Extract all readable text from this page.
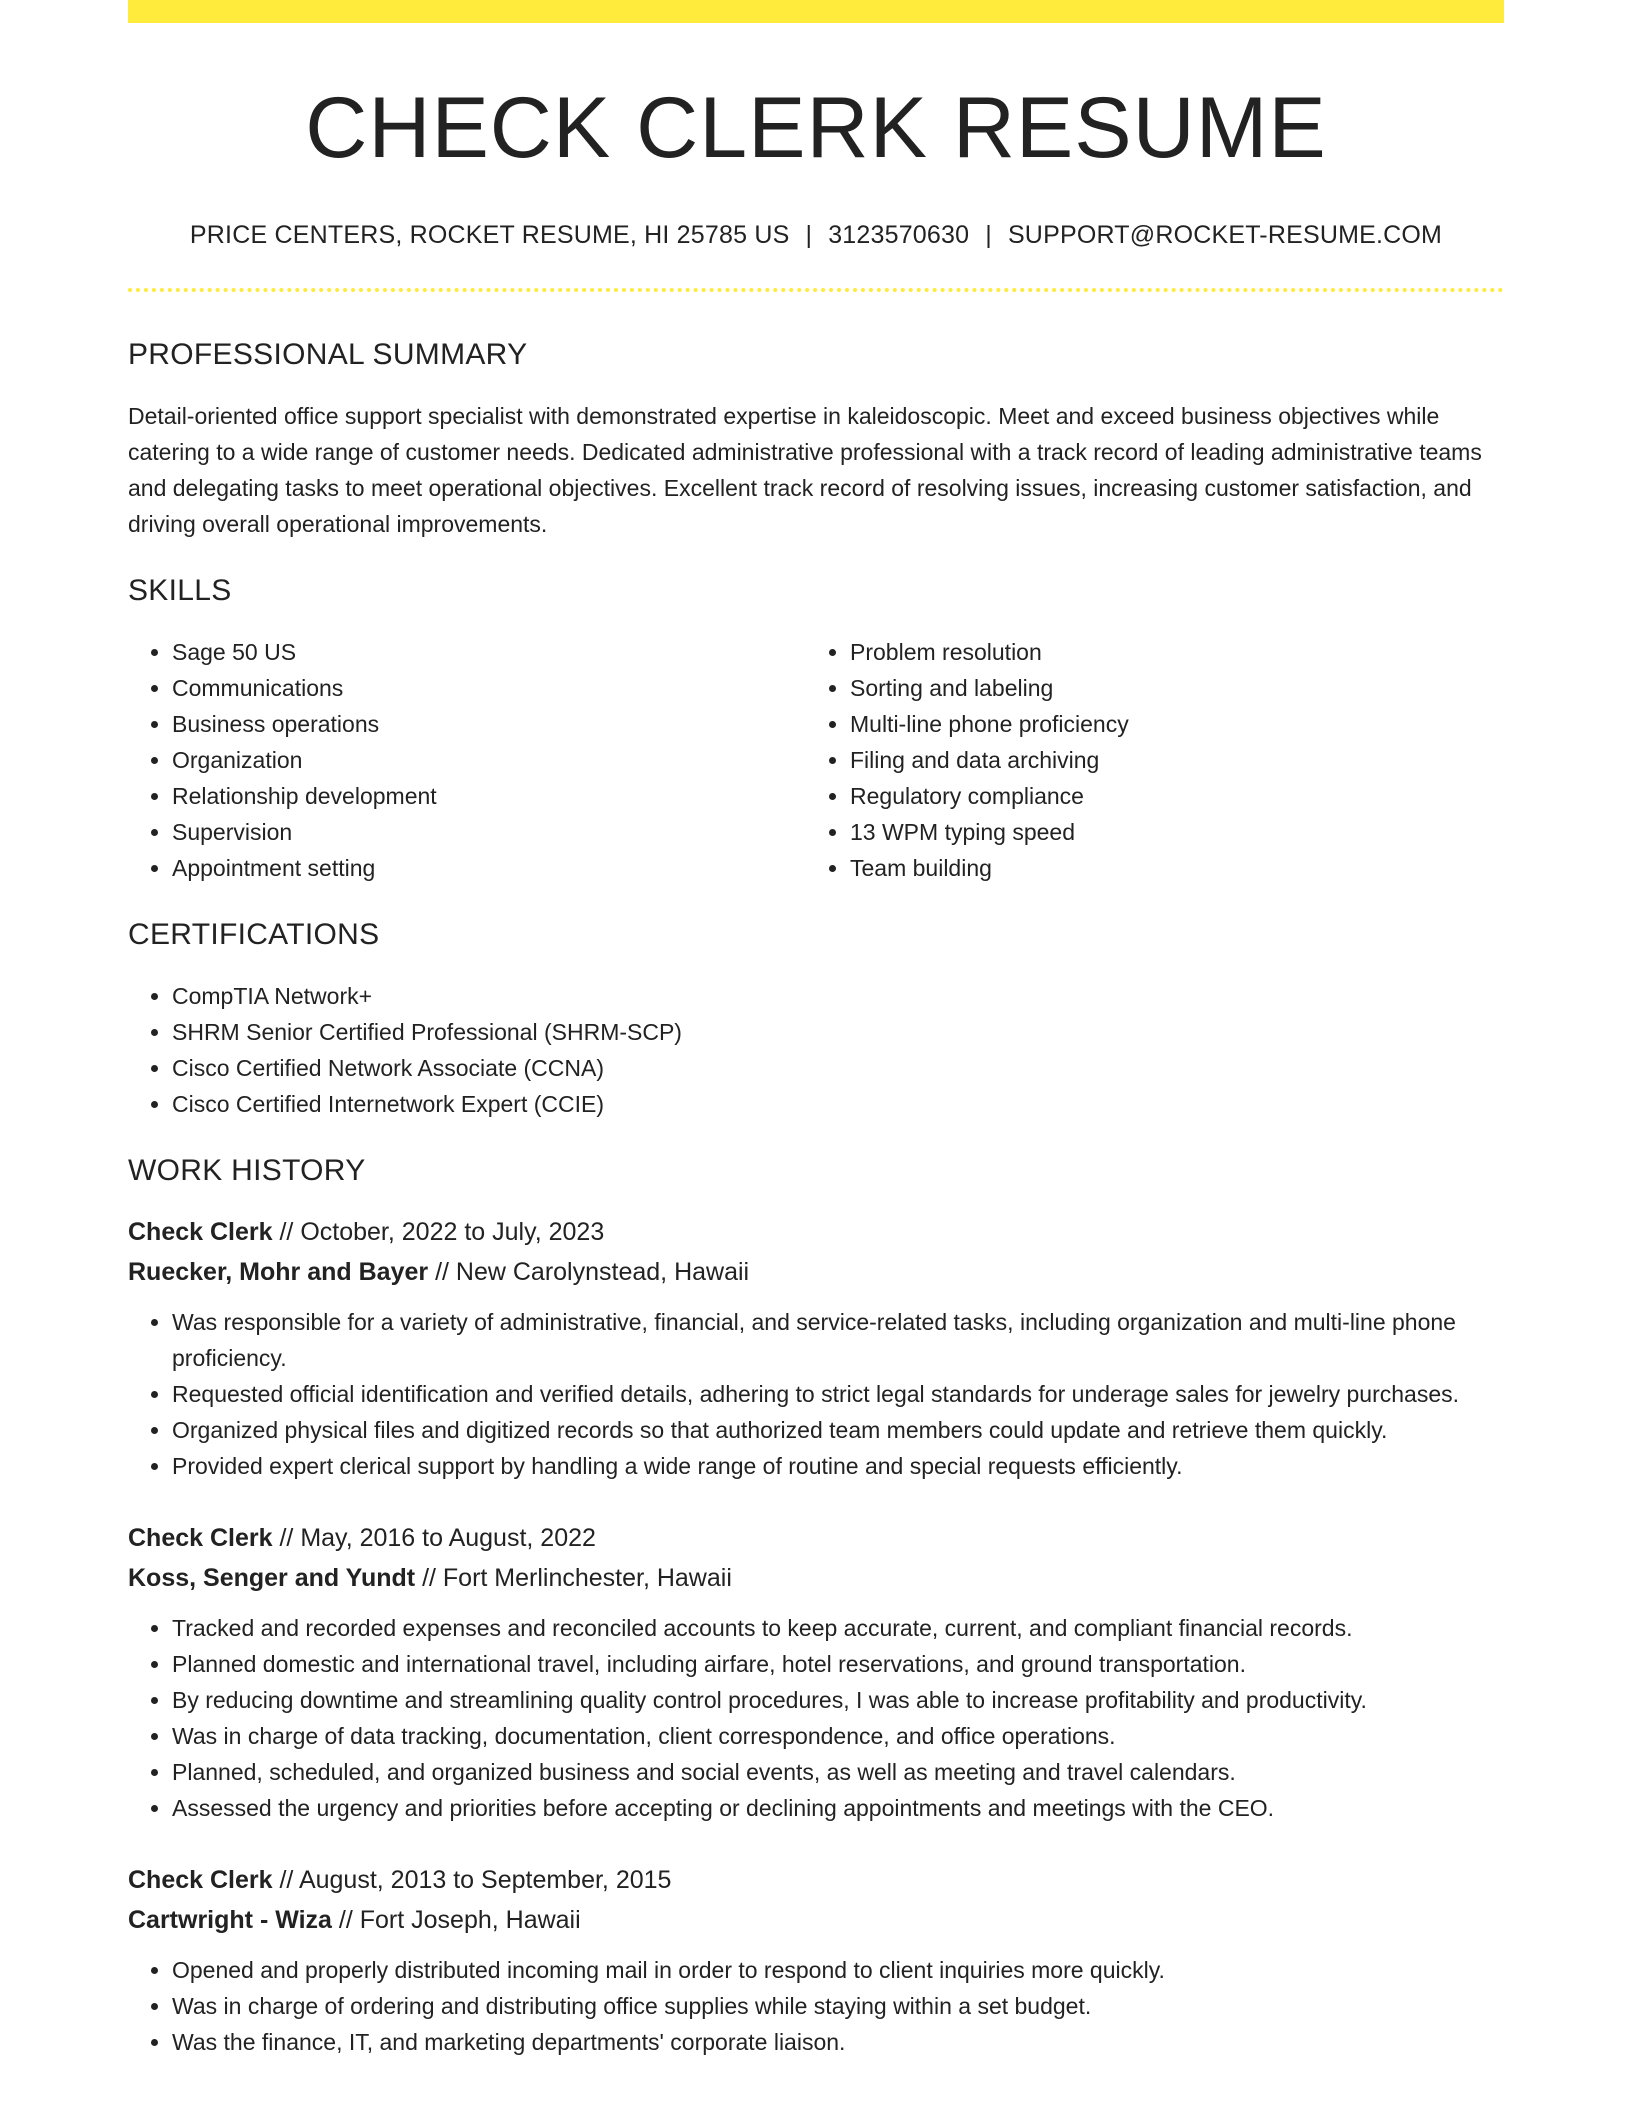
CHECK CLERK RESUME
PRICE CENTERS, ROCKET RESUME, HI 25785 US | 3123570630 | SUPPORT@ROCKET-RESUME.COM
PROFESSIONAL SUMMARY

Detail-oriented office support specialist with demonstrated expertise in kaleidoscopic. Meet and exceed business objectives while catering to a wide range of customer needs. Dedicated administrative professional with a track record of leading administrative teams and delegating tasks to meet operational objectives. Excellent track record of resolving issues, increasing customer satisfaction, and driving overall operational improvements.

SKILLS
• Sage 50 US
• Communications
• Business operations
• Organization
• Relationship development
• Supervision
• Appointment setting
• Problem resolution
• Sorting and labeling
• Multi-line phone proficiency
• Filing and data archiving
• Regulatory compliance
• 13 WPM typing speed
• Team building
CERTIFICATIONS
• CompTIA Network+
• SHRM Senior Certified Professional (SHRM-SCP)
• Cisco Certified Network Associate (CCNA)
• Cisco Certified Internetwork Expert (CCIE)
WORK HISTORY
Check Clerk // October, 2022 to July, 2023
Ruecker, Mohr and Bayer // New Carolynstead, Hawaii
• Was responsible for a variety of administrative, financial, and service-related tasks, including organization and multi-line phone proficiency.
• Requested official identification and verified details, adhering to strict legal standards for underage sales for jewelry purchases.
• Organized physical files and digitized records so that authorized team members could update and retrieve them quickly.
• Provided expert clerical support by handling a wide range of routine and special requests efficiently.
Check Clerk // May, 2016 to August, 2022
Koss, Senger and Yundt // Fort Merlinchester, Hawaii
• Tracked and recorded expenses and reconciled accounts to keep accurate, current, and compliant financial records.
• Planned domestic and international travel, including airfare, hotel reservations, and ground transportation.
• By reducing downtime and streamlining quality control procedures, I was able to increase profitability and productivity.
• Was in charge of data tracking, documentation, client correspondence, and office operations.
• Planned, scheduled, and organized business and social events, as well as meeting and travel calendars.
• Assessed the urgency and priorities before accepting or declining appointments and meetings with the CEO.
Check Clerk // August, 2013 to September, 2015
Cartwright - Wiza // Fort Joseph, Hawaii
• Opened and properly distributed incoming mail in order to respond to client inquiries more quickly.
• Was in charge of ordering and distributing office supplies while staying within a set budget.
• Was the finance, IT, and marketing departments' corporate liaison.
